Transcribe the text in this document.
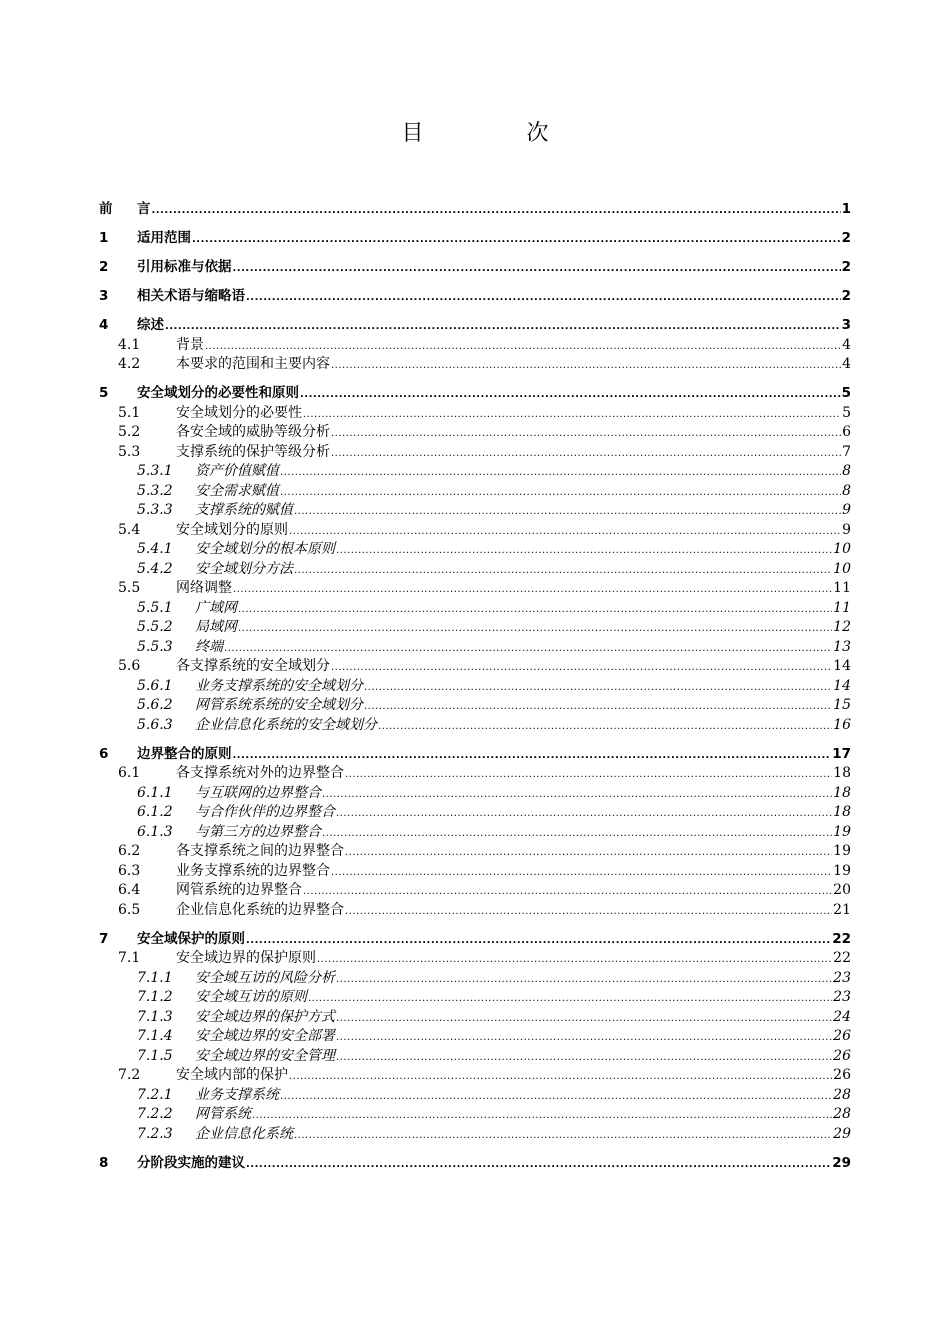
目 次
前	言 .....	1
1	适用范围 .....	2
2	引用标准与依据 .....	2
3	相关术语与缩略语 .....	2
4	综述 .....	3
4.1	背景 .....	4
4.2	本要求的范围和主要内容 .....	4
5	安全域划分的必要性和原则 .....	5
5.1	安全域划分的必要性 .....	5
5.2	各安全域的威胁等级分析 .....	6
5.3	支撑系统的保护等级分析 .....	7
5.3.1	资产价值赋值 .....	8
5.3.2	安全需求赋值 .....	8
5.3.3	支撑系统的赋值 .....	9
5.4	安全域划分的原则 .....	9
5.4.1	安全域划分的根本原则 .....	10
5.4.2	安全域划分方法 .....	10
5.5	网络调整 .....	11
5.5.1	广域网 .....	11
5.5.2	局域网 .....	12
5.5.3	终端 .....	13
5.6	各支撑系统的安全域划分 .....	14
5.6.1	业务支撑系统的安全域划分 .....	14
5.6.2	网管系统系统的安全域划分 .....	15
5.6.3	企业信息化系统的安全域划分 .....	16
6	边界整合的原则 .....	17
6.1	各支撑系统对外的边界整合 .....	18
6.1.1	与互联网的边界整合 .....	18
6.1.2	与合作伙伴的边界整合 .....	18
6.1.3	与第三方的边界整合 .....	19
6.2	各支撑系统之间的边界整合 .....	19
6.3	业务支撑系统的边界整合 .....	19
6.4	网管系统的边界整合 .....	20
6.5	企业信息化系统的边界整合 .....	21
7	安全域保护的原则 .....	22
7.1	安全域边界的保护原则 .....	22
7.1.1	安全域互访的风险分析 .....	23
7.1.2	安全域互访的原则 .....	23
7.1.3	安全域边界的保护方式 .....	24
7.1.4	安全域边界的安全部署 .....	26
7.1.5	安全域边界的安全管理 .....	26
7.2	安全域内部的保护 .....	26
7.2.1	业务支撑系统 .....	28
7.2.2	网管系统 .....	28
7.2.3	企业信息化系统 .....	29
8	分阶段实施的建议 .....	29
